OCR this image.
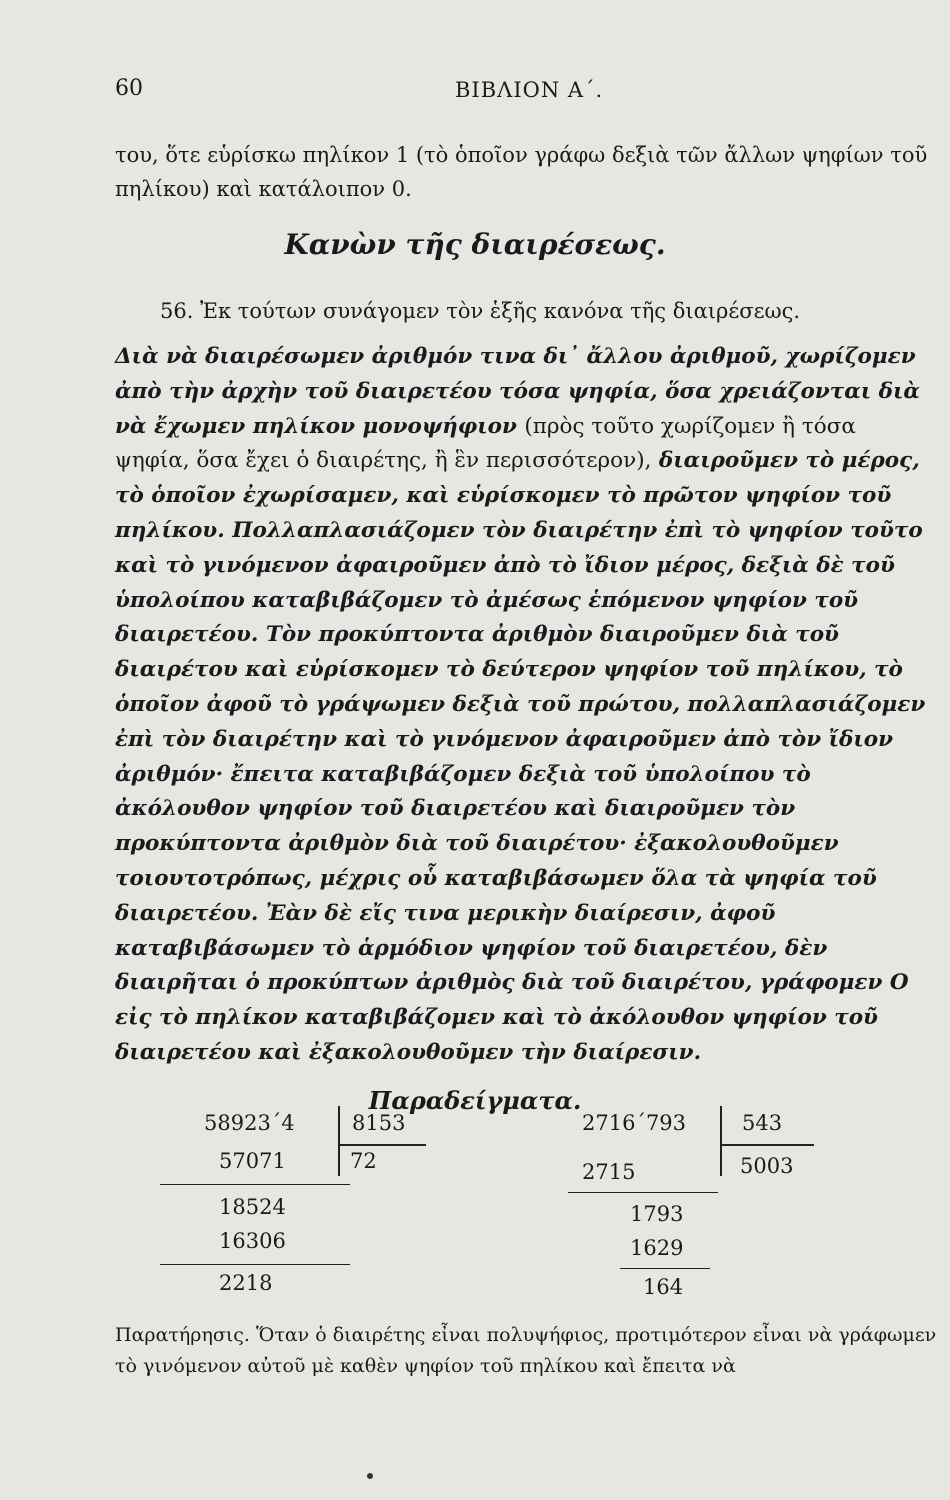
60	ΒΙΒΛΙΟΝ Α΄.
του, ὅτε εὑρίσκω πηλίκον 1 (τὸ ὁποῖον γράφω δεξιὰ τῶν ἄλλων ψηφίων τοῦ πηλίκου) καὶ κατάλοιπον 0.
Κανὼν τῆς διαιρέσεως.
56. Ἐκ τούτων συνάγομεν τὸν ἑξῆς κανόνα τῆς διαιρέσεως.
Διὰ νὰ διαιρέσωμεν ἀριθμόν τινα δι᾽ ἄλλου ἀριθμοῦ, χωρίζομεν ἀπὸ τὴν ἀρχὴν τοῦ διαιρετέου τόσα ψηφία, ὅσα χρειάζονται διὰ νὰ ἔχωμεν πηλίκον μονοψήφιον (πρὸς τοῦτο χωρίζομεν ἢ τόσα ψηφία, ὅσα ἔχει ὁ διαιρέτης, ἢ ἓν περισσότερον), διαιροῦμεν τὸ μέρος, τὸ ὁποῖον ἐχωρίσαμεν, καὶ εὑρίσκομεν τὸ πρῶτον ψηφίον τοῦ πηλίκου. Πολλαπλασιάζομεν τὸν διαιρέτην ἐπὶ τὸ ψηφίον τοῦτο καὶ τὸ γινόμενον ἀφαιροῦμεν ἀπὸ τὸ ἴδιον μέρος, δεξιὰ δὲ τοῦ ὑπολοίπου καταβιβάζομεν τὸ ἀμέσως ἑπόμενον ψηφίον τοῦ διαιρετέου. Τὸν προκύπτοντα ἀριθμὸν διαιροῦμεν διὰ τοῦ διαιρέτου καὶ εὑρίσκομεν τὸ δεύτερον ψηφίον τοῦ πηλίκου, τὸ ὁποῖον ἀφοῦ τὸ γράψωμεν δεξιὰ τοῦ πρώτου, πολλαπλασιάζομεν ἐπὶ τὸν διαιρέτην καὶ τὸ γινόμενον ἀφαιροῦμεν ἀπὸ τὸν ἴδιον ἀριθμόν· ἔπειτα καταβιβάζομεν δεξιὰ τοῦ ὑπολοίπου τὸ ἀκόλουθον ψηφίον τοῦ διαιρετέου καὶ διαιροῦμεν τὸν προκύπτοντα ἀριθμὸν διὰ τοῦ διαιρέτου· ἐξακολουθοῦμεν τοιουτοτρόπως, μέχρις οὗ καταβιβάσωμεν ὅλα τὰ ψηφία τοῦ διαιρετέου. Ἐὰν δὲ εἴς τινα μερικὴν διαίρεσιν, ἀφοῦ καταβιβάσωμεν τὸ ἁρμόδιον ψηφίον τοῦ διαιρετέου, δὲν διαιρῆται ὁ προκύπτων ἀριθμὸς διὰ τοῦ διαιρέτου, γράφομεν Ο εἰς τὸ πηλίκον καταβιβάζομεν καὶ τὸ ἀκόλουθον ψηφίον τοῦ διαιρετέου καὶ ἐξακολουθοῦμεν τὴν διαίρεσιν.
Παραδείγματα.
58923΄4	8153
72
57071
18524
16306
2218
2716΄793	543
5003
2715
1793
1629
164
Παρατήρησις. Ὅταν ὁ διαιρέτης εἶναι πολυψήφιος, προτιμότερον εἶναι νὰ γράφωμεν τὸ γινόμενον αὐτοῦ μὲ καθὲν ψηφίον τοῦ πηλίκου καὶ ἔπειτα νὰ
